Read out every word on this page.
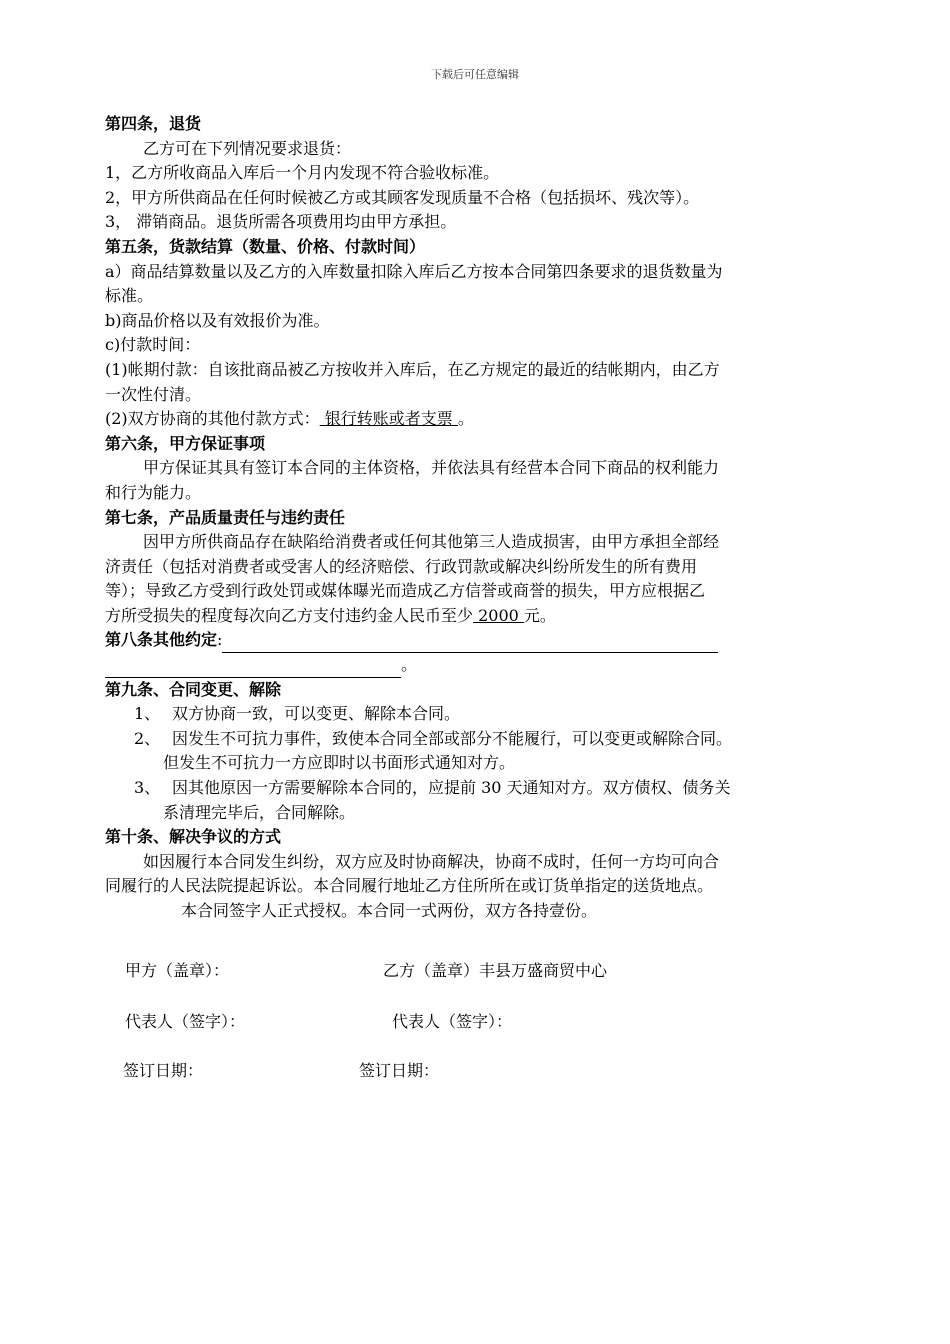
下载后可任意编辑
第四条，退货
乙方可在下列情况要求退货：
1，乙方所收商品入库后一个月内发现不符合验收标准。
2，甲方所供商品在任何时候被乙方或其顾客发现质量不合格（包括损坏、残次等）。
3， 滞销商品。退货所需各项费用均由甲方承担。
第五条，货款结算（数量、价格、付款时间）
a）商品结算数量以及乙方的入库数量扣除入库后乙方按本合同第四条要求的退货数量为
标准。
b)商品价格以及有效报价为准。
c)付款时间：
(1)帐期付款：自该批商品被乙方按收并入库后，在乙方规定的最近的结帐期内，由乙方
一次性付清。
(2)双方协商的其他付款方式： 银行转账或者支票 。
第六条，甲方保证事项
甲方保证其具有签订本合同的主体资格，并依法具有经营本合同下商品的权利能力
和行为能力。
第七条，产品质量责任与违约责任
因甲方所供商品存在缺陷给消费者或任何其他第三人造成损害，由甲方承担全部经
济责任（包括对消费者或受害人的经济赔偿、行政罚款或解决纠纷所发生的所有费用
等）；导致乙方受到行政处罚或媒体曝光而造成乙方信誉或商誉的损失，甲方应根据乙
方所受损失的程度每次向乙方支付违约金人民币至少 2000 元。
第八条其他约定:
。
第九条、合同变更、解除
1、 双方协商一致，可以变更、解除本合同。
2、 因发生不可抗力事件，致使本合同全部或部分不能履行，可以变更或解除合同。
但发生不可抗力一方应即时以书面形式通知对方。
3、 因其他原因一方需要解除本合同的，应提前 30 天通知对方。双方债权、债务关
系清理完毕后，合同解除。
第十条、解决争议的方式
如因履行本合同发生纠纷，双方应及时协商解决，协商不成时，任何一方均可向合
同履行的人民法院提起诉讼。本合同履行地址乙方住所所在或订货单指定的送货地点。
本合同签字人正式授权。本合同一式两份，双方各持壹份。
甲方（盖章）：	乙方（盖章）丰县万盛商贸中心
代表人（签字）：	代表人（签字）：
签订日期：	签订日期：
